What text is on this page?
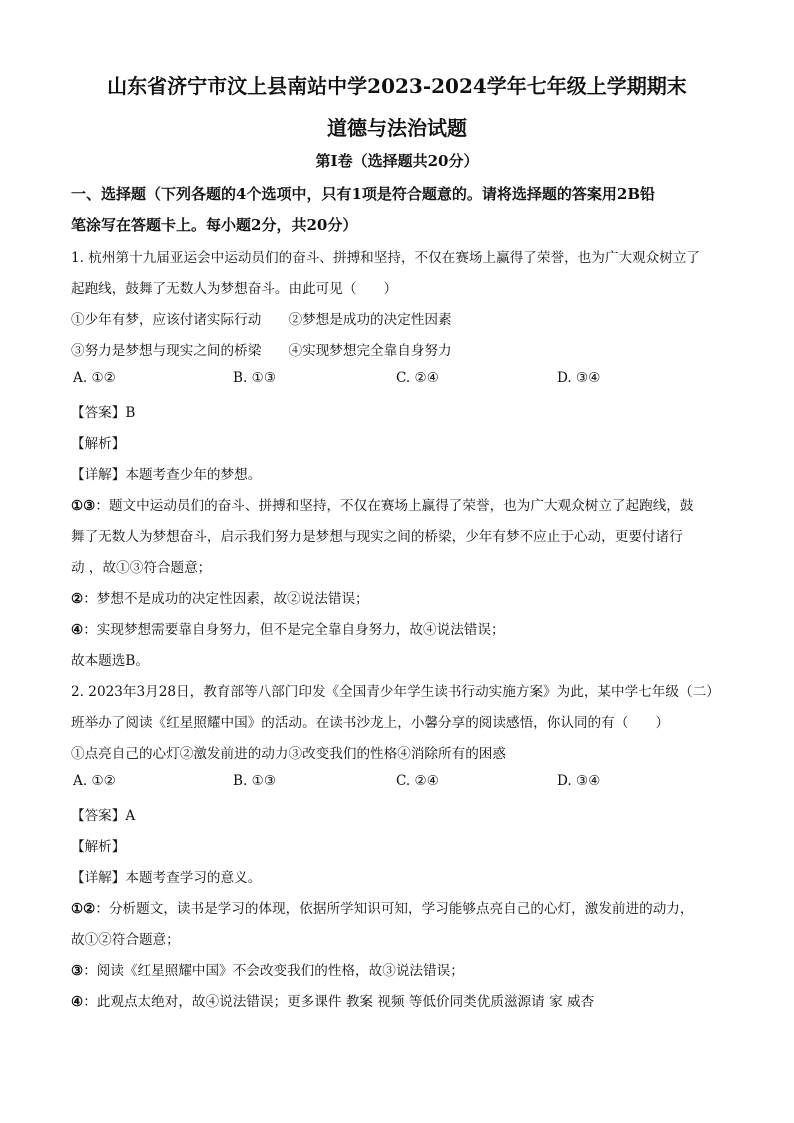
山东省济宁市汶上县南站中学2023-2024学年七年级上学期期末
道德与法治试题
第Ⅰ卷（选择题共20分）
一、选择题（下列各题的4个选项中，只有1项是符合题意的。请将选择题的答案用2B铅
笔涂写在答题卡上。每小题2分，共20分）
1. 杭州第十九届亚运会中运动员们的奋斗、拼搏和坚持，不仅在赛场上赢得了荣誉，也为广大观众树立了
起跑线，鼓舞了无数人为梦想奋斗。由此可见（　　）
①少年有梦，应该付诸实际行动　　②梦想是成功的决定性因素
③努力是梦想与现实之间的桥梁　　④实现梦想完全靠自身努力
A. ①②	B. ①③	C. ②④	D. ③④
【答案】B
【解析】
【详解】本题考查少年的梦想。
①③：题文中运动员们的奋斗、拼搏和坚持，不仅在赛场上赢得了荣誉，也为广大观众树立了起跑线，鼓
舞了无数人为梦想奋斗，启示我们努力是梦想与现实之间的桥梁，少年有梦不应止于心动，更要付诸行
动 ，故①③符合题意；
②：梦想不是成功的决定性因素，故②说法错误；
④：实现梦想需要靠自身努力，但不是完全靠自身努力，故④说法错误；
故本题选B。
2. 2023年3月28日，教育部等八部门印发《全国青少年学生读书行动实施方案》为此，某中学七年级（二）
班举办了阅读《红星照耀中国》的活动。在读书沙龙上，小馨分享的阅读感悟，你认同的有（　　）
①点亮自己的心灯②激发前进的动力③改变我们的性格④消除所有的困惑
A. ①②	B. ①③	C. ②④	D. ③④
【答案】A
【解析】
【详解】本题考查学习的意义。
①②：分析题文，读书是学习的体现，依据所学知识可知，学习能够点亮自己的心灯，激发前进的动力，
故①②符合题意；
③：阅读《红星照耀中国》不会改变我们的性格，故③说法错误；
④：此观点太绝对，故④说法错误；更多课件 教案 视频 等低价同类优质滋源请 家 威杏
